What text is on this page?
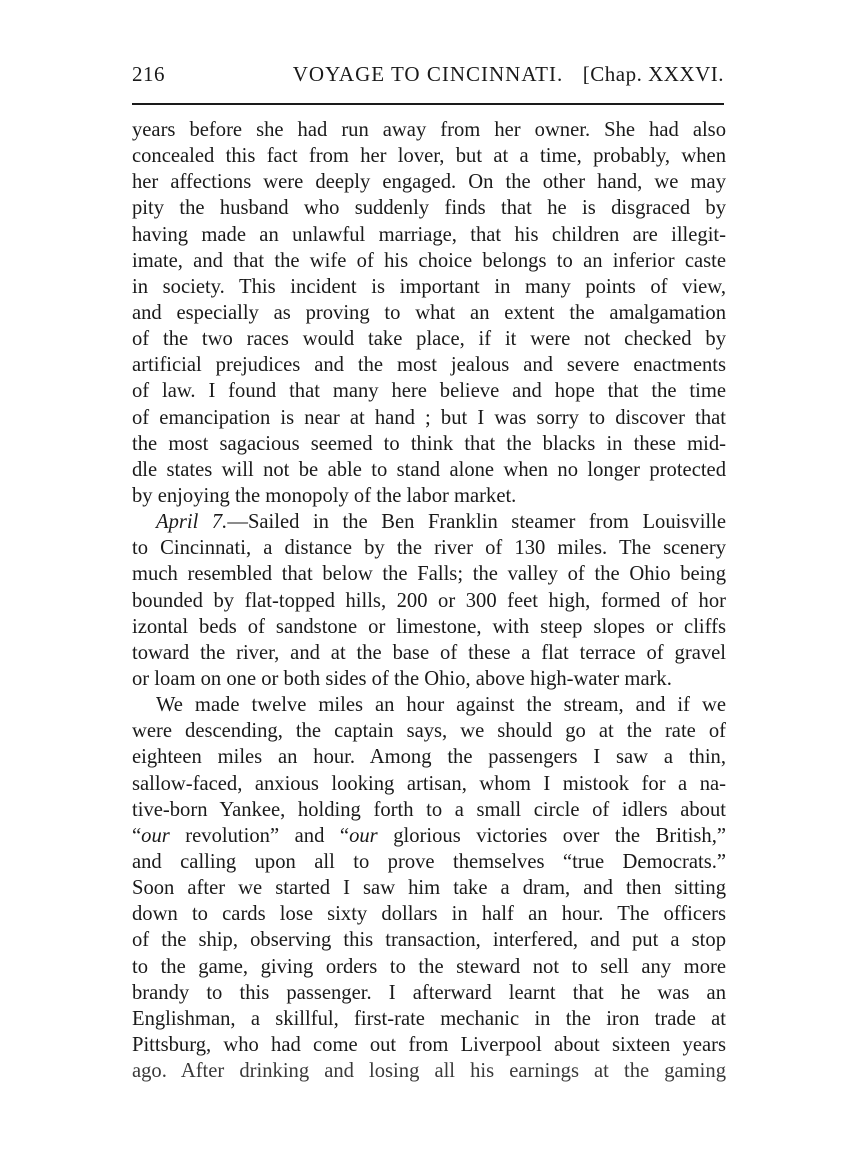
216	VOYAGE TO CINCINNATI. [Chap. XXXVI.
years before she had run away from her owner. She had also
concealed this fact from her lover, but at a time, probably, when
her affections were deeply engaged. On the other hand, we may
pity the husband who suddenly finds that he is disgraced by
having made an unlawful marriage, that his children are illegit-
imate, and that the wife of his choice belongs to an inferior caste
in society. This incident is important in many points of view,
and especially as proving to what an extent the amalgamation
of the two races would take place, if it were not checked by
artificial prejudices and the most jealous and severe enactments
of law. I found that many here believe and hope that the time
of emancipation is near at hand ; but I was sorry to discover that
the most sagacious seemed to think that the blacks in these mid-
dle states will not be able to stand alone when no longer protected
by enjoying the monopoly of the labor market.
April 7.—Sailed in the Ben Franklin steamer from Louisville
to Cincinnati, a distance by the river of 130 miles. The scenery
much resembled that below the Falls; the valley of the Ohio being
bounded by flat-topped hills, 200 or 300 feet high, formed of hor
izontal beds of sandstone or limestone, with steep slopes or cliffs
toward the river, and at the base of these a flat terrace of gravel
or loam on one or both sides of the Ohio, above high-water mark.
We made twelve miles an hour against the stream, and if we
were descending, the captain says, we should go at the rate of
eighteen miles an hour. Among the passengers I saw a thin,
sallow-faced, anxious looking artisan, whom I mistook for a na-
tive-born Yankee, holding forth to a small circle of idlers about
“our revolution” and “our glorious victories over the British,”
and calling upon all to prove themselves “true Democrats.”
Soon after we started I saw him take a dram, and then sitting
down to cards lose sixty dollars in half an hour. The officers
of the ship, observing this transaction, interfered, and put a stop
to the game, giving orders to the steward not to sell any more
brandy to this passenger. I afterward learnt that he was an
Englishman, a skillful, first-rate mechanic in the iron trade at
Pittsburg, who had come out from Liverpool about sixteen years
ago. After drinking and losing all his earnings at the gaming
